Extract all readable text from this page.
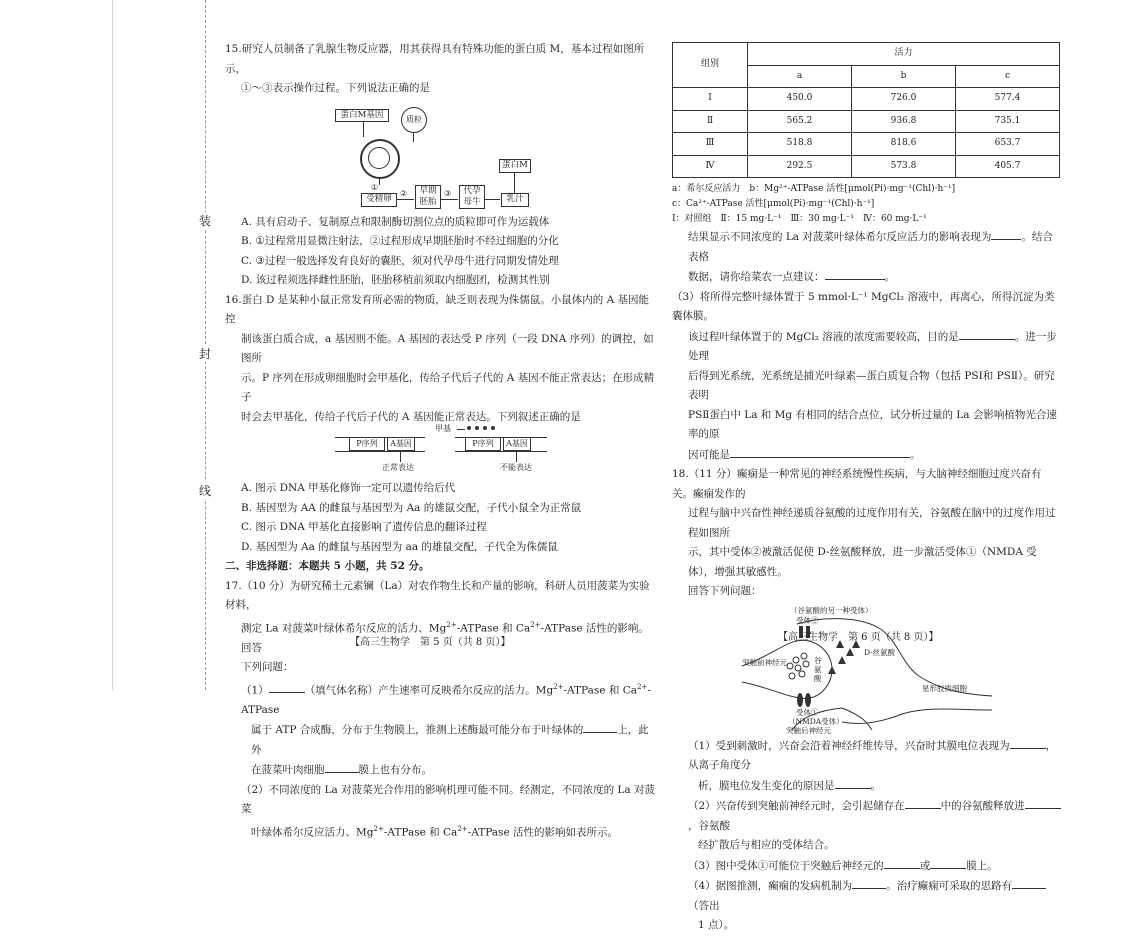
装
封
线

15.研究人员制备了乳腺生物反应器，用其获得具有特殊功能的蛋白质 M，基本过程如图所示，

①～③表示操作过程。下列说法正确的是

蛋白M基因	质粒
①
受精卵
②	早期胚胎
③	代孕母牛	乳汁
蛋白M

A. 具有启动子、复制原点和限制酶切割位点的质粒即可作为运载体

B. ①过程常用显微注射法，②过程形成早期胚胎时不经过细胞的分化

C. ③过程一般选择发育良好的囊胚，须对代孕母牛进行同期发情处理

D. 该过程须选择雌性胚胎，胚胎移植前须取内细胞团，检测其性别

16.蛋白 D 是某种小鼠正常发育所必需的物质，缺乏则表现为侏儒鼠。小鼠体内的 A 基因能控

制该蛋白质合成，a 基因则不能。A 基因的表达受 P 序列（一段 DNA 序列）的调控，如图所

示。P 序列在形成卵细胞时会甲基化，传给子代后子代的 A 基因不能正常表达；在形成精子

时会去甲基化，传给子代后子代的 A 基因能正常表达。下列叙述正确的是

P序列	A基因
正常表达
甲基
P序列	A基因
不能表达

A. 图示 DNA 甲基化修饰一定可以遗传给后代

B. 基因型为 AA 的雌鼠与基因型为 Aa 的雄鼠交配，子代小鼠全为正常鼠

C. 图示 DNA 甲基化直接影响了遗传信息的翻译过程

D. 基因型为 Aa 的雌鼠与基因型为 aa 的雄鼠交配，子代全为侏儒鼠

二、非选择题：本题共 5 小题，共 52 分。

17.（10 分）为研究稀土元素镧（La）对农作物生长和产量的影响，科研人员用菠菜为实验材料，

测定 La 对菠菜叶绿体希尔反应的活力、$Mg^{2+}$-ATPase 和 $Ca^{2+}$-ATPase 活性的影响。回答

下列问题：

（1）	（填气体名称）产生速率可反映希尔反应的活力。$Mg^{2+}$-ATPase 和 $Ca^{2+}$-ATPase

属于 ATP 合成酶，分布于生物膜上，推测上述酶最可能分布于叶绿体的	上，此外

在菠菜叶肉细胞	膜上也有分布。

（2）不同浓度的 La 对菠菜光合作用的影响机理可能不同。经测定，不同浓度的 La 对菠菜

叶绿体希尔反应活力、$Mg^{2+}$-ATPase 和 $Ca^{2+}$-ATPase 活性的影响如表所示。

【高三生物学　第 5 页（共 8 页）】
组别	活力		
	a	b	c
Ⅰ	450.0	726.0	577.4
Ⅱ	565.2	936.8	735.1
Ⅲ	518.8	818.6	653.7
Ⅳ	292.5	573.8	405.7

a：希尔反应活力　b：Mg²⁺-ATPase 活性[μmol(Pi)·mg⁻¹(Chl)·h⁻¹]

c：Ca²⁺-ATPase 活性[μmol(Pi)·mg⁻¹(Chl)·h⁻¹]

Ⅰ：对照组　Ⅱ：15 mg·L⁻¹　Ⅲ：30 mg·L⁻¹　Ⅳ：60 mg·L⁻¹

结果显示不同浓度的 La 对菠菜叶绿体希尔反应活力的影响表现为	。结合表格

数据，请你给菜农一点建议：	。

（3）将所得完整叶绿体置于 5 mmol·L⁻¹ MgCl₂ 溶液中，再离心，所得沉淀为类囊体膜。

该过程叶绿体置于的 MgCl₂ 溶液的浓度需要较高，目的是	。进一步处理

后得到光系统，光系统是捕光叶绿素—蛋白质复合物（包括 PSⅠ和 PSⅡ）。研究表明

PSⅡ蛋白中 La 和 Mg 有相同的结合点位，试分析过量的 La 会影响植物光合速率的原

因可能是	。

18.（11 分）癫痫是一种常见的神经系统慢性疾病，与大脑神经细胞过度兴奋有关。癫痫发作的

过程与脑中兴奋性神经递质谷氨酸的过度作用有关，谷氨酸在脑中的过度作用过程如图所

示，其中受体②被激活促使 D-丝氨酸释放，进一步激活受体①（NMDA 受体），增强其敏感性。

回答下列问题：

（谷氨酸的另一种受体）
受体②
D-丝氨酸
突触前神经元	谷氨酸
星形胶质细胞
受体①
（NMDA受体）
突触后神经元

（1）受到刺激时，兴奋会沿着神经纤维传导，兴奋时其膜电位表现为	，从离子角度分

析，膜电位发生变化的原因是	。

（2）兴奋传到突触前神经元时，会引起储存在	中的谷氨酸释放进，谷氨酸

经扩散后与相应的受体结合。

（3）图中受体①可能位于突触后神经元的	或	膜上。

（4）据图推测，癫痫的发病机制为	。治疗癫痫可采取的思路有（答出

1 点）。

【高三生物学　第 6 页（共 8 页）】
